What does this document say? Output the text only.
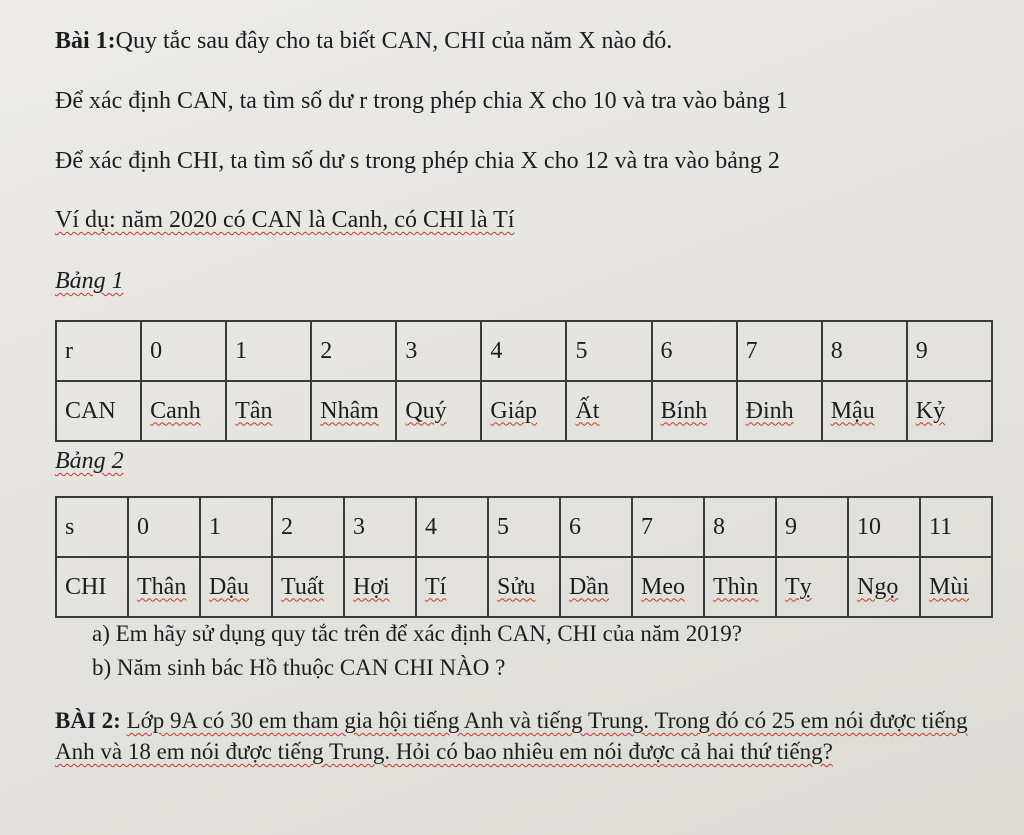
Bài 1:Quy tắc sau đây cho ta biết CAN, CHI của năm X nào đó.
Để xác định CAN, ta tìm số dư r trong phép chia X cho 10 và tra vào bảng 1
Để xác định CHI, ta tìm số dư s trong phép chia X cho 12 và tra vào bảng 2
Ví dụ: năm 2020 có CAN là Canh, có CHI là Tí
Bảng 1
r	0	1	2	3	4	5	6	7	8	9
CAN	Canh	Tân	Nhâm	Quý	Giáp	Ất	Bính	Đinh	Mậu	Kỷ
Bảng 2
s	0	1	2	3	4	5	6	7	8	9	10	11
CHI	Thân	Dậu	Tuất	Hợi	Tí	Sửu	Dần	Meo	Thìn	Tỵ	Ngọ	Mùi
a) Em hãy sử dụng quy tắc trên để xác định CAN, CHI của năm 2019?
b) Năm sinh bác Hồ thuộc CAN CHI NÀO ?
BÀI 2: Lớp 9A có 30 em tham gia hội tiếng Anh và tiếng Trung. Trong đó có 25 em nói được tiếng Anh và 18 em nói được tiếng Trung. Hỏi có bao nhiêu em nói được cả hai thứ tiếng?
